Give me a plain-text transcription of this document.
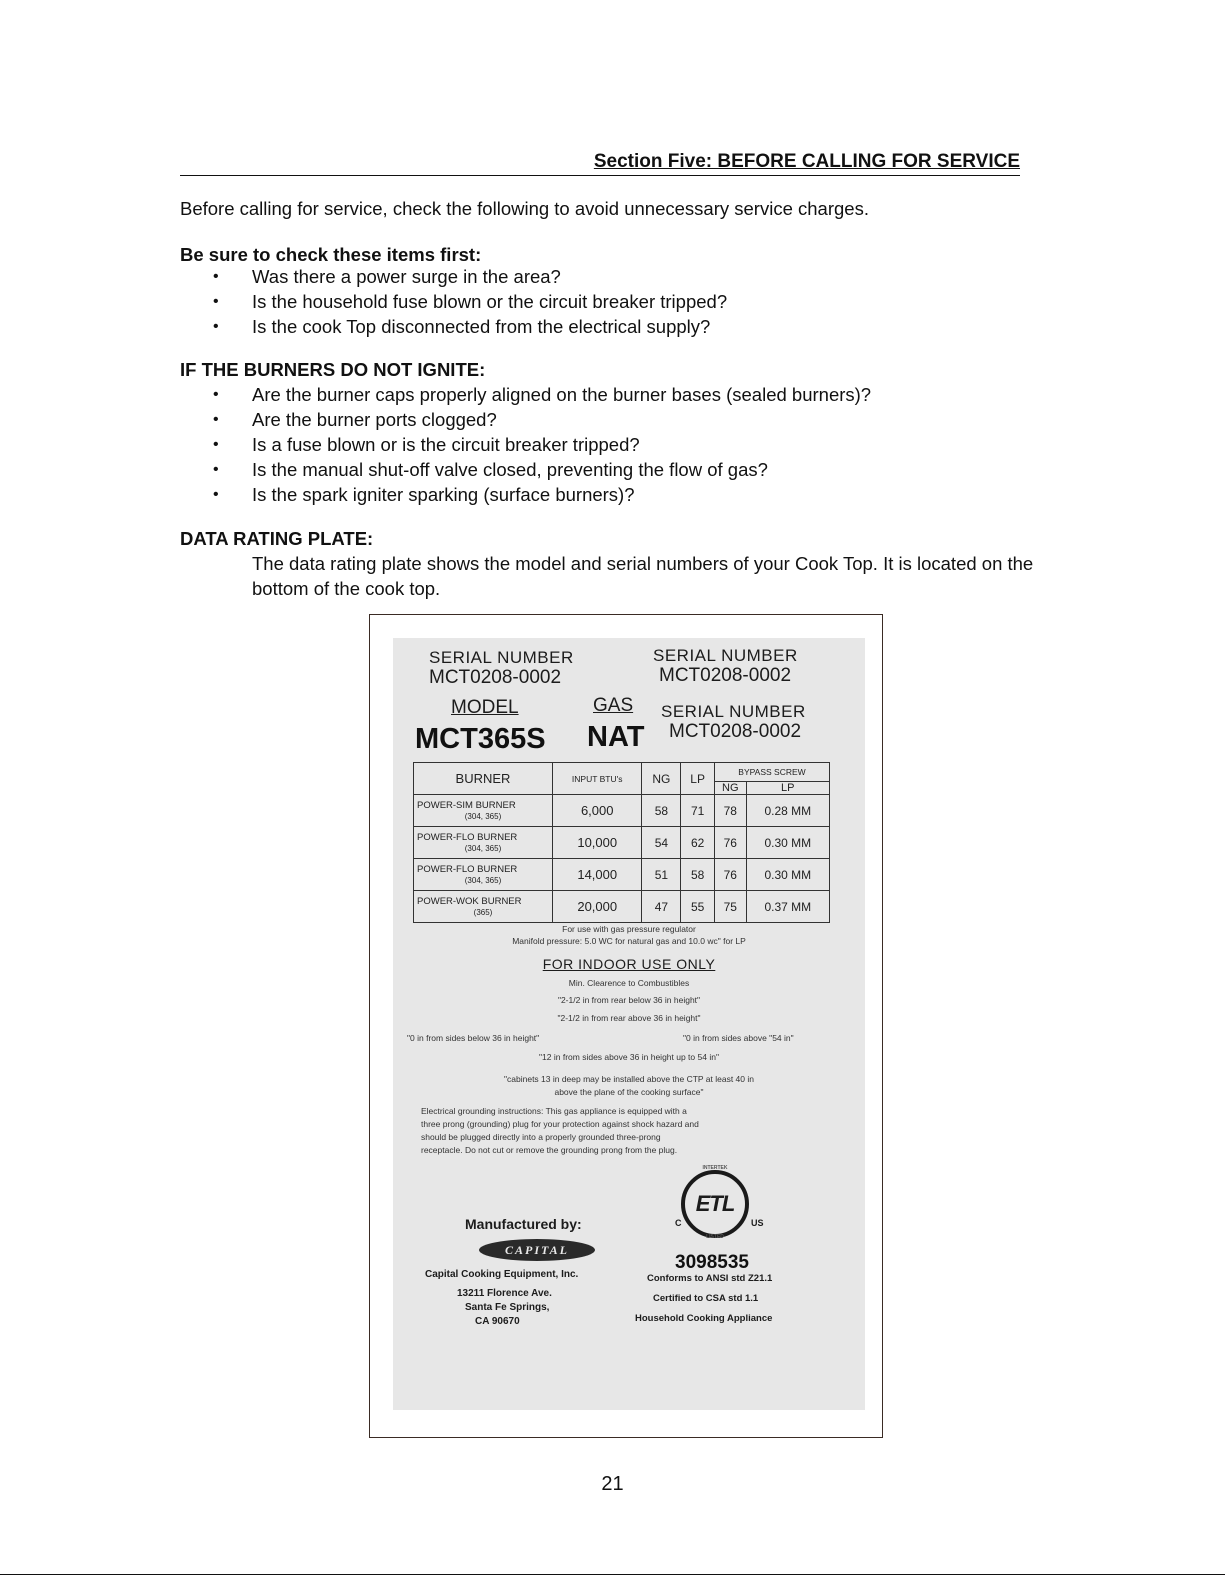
Section Five: BEFORE CALLING FOR SERVICE
Before calling for service, check the following to avoid unnecessary service charges.
Be sure to check these items first:
• Was there a power surge in the area?
• Is the household fuse blown or the circuit breaker tripped?
• Is the cook Top disconnected from the electrical supply?
IF THE BURNERS DO NOT IGNITE:
• Are the burner caps properly aligned on the burner bases (sealed burners)?
• Are the burner ports clogged?
• Is a fuse blown or is the circuit breaker tripped?
• Is the manual shut-off valve closed, preventing the flow of gas?
• Is the spark igniter sparking (surface burners)?
DATA RATING PLATE:
The data rating plate shows the model and serial numbers of your Cook Top. It is located on the bottom of the cook top.
SERIAL NUMBER
MCT0208-0002
SERIAL NUMBER
MCT0208-0002
SERIAL NUMBER
MCT0208-0002
MODEL	GAS
MCT365S NAT
BURNER	INPUT BTU's	NG	LP	BYPASS SCREW	
				NG	LP
POWER-SIM BURNER
(304, 365)	6,000	58	71	78	0.28 MM
POWER-FLO BURNER
(304, 365)	10,000	54	62	76	0.30 MM
POWER-FLO BURNER
(304, 365)	14,000	51	58	76	0.30 MM
POWER-WOK BURNER
(365)	20,000	47	55	75	0.37 MM
For use with gas pressure regulator
Manifold pressure: 5.0 WC for natural gas and 10.0 wc" for LP
FOR INDOOR USE ONLY
Min. Clearence to Combustibles
"2-1/2 in from rear below 36 in height"
"2-1/2 in from rear above 36 in height"
"0 in from sides below 36 in height"	"0 in from sides above "54 in"
"12 in from sides above 36 in height up to 54 in"
"cabinets 13 in deep may be installed above the CTP at least 40 in
above the plane of the cooking surface"
Electrical grounding instructions: This gas appliance is equipped with a
three prong (grounding) plug for your protection against shock hazard and
should be plugged directly into a properly grounded three-prong
receptacle. Do not cut or remove the grounding prong from the plug.
Manufactured by:
CAPITAL
Capital Cooking Equipment, Inc.
13211 Florence Ave.
Santa Fe Springs,
CA 90670
ETL
INTERTEK
LISTED
C	US
3098535
Conforms to ANSI std Z21.1
Certified to CSA std 1.1
Household Cooking Appliance
21
